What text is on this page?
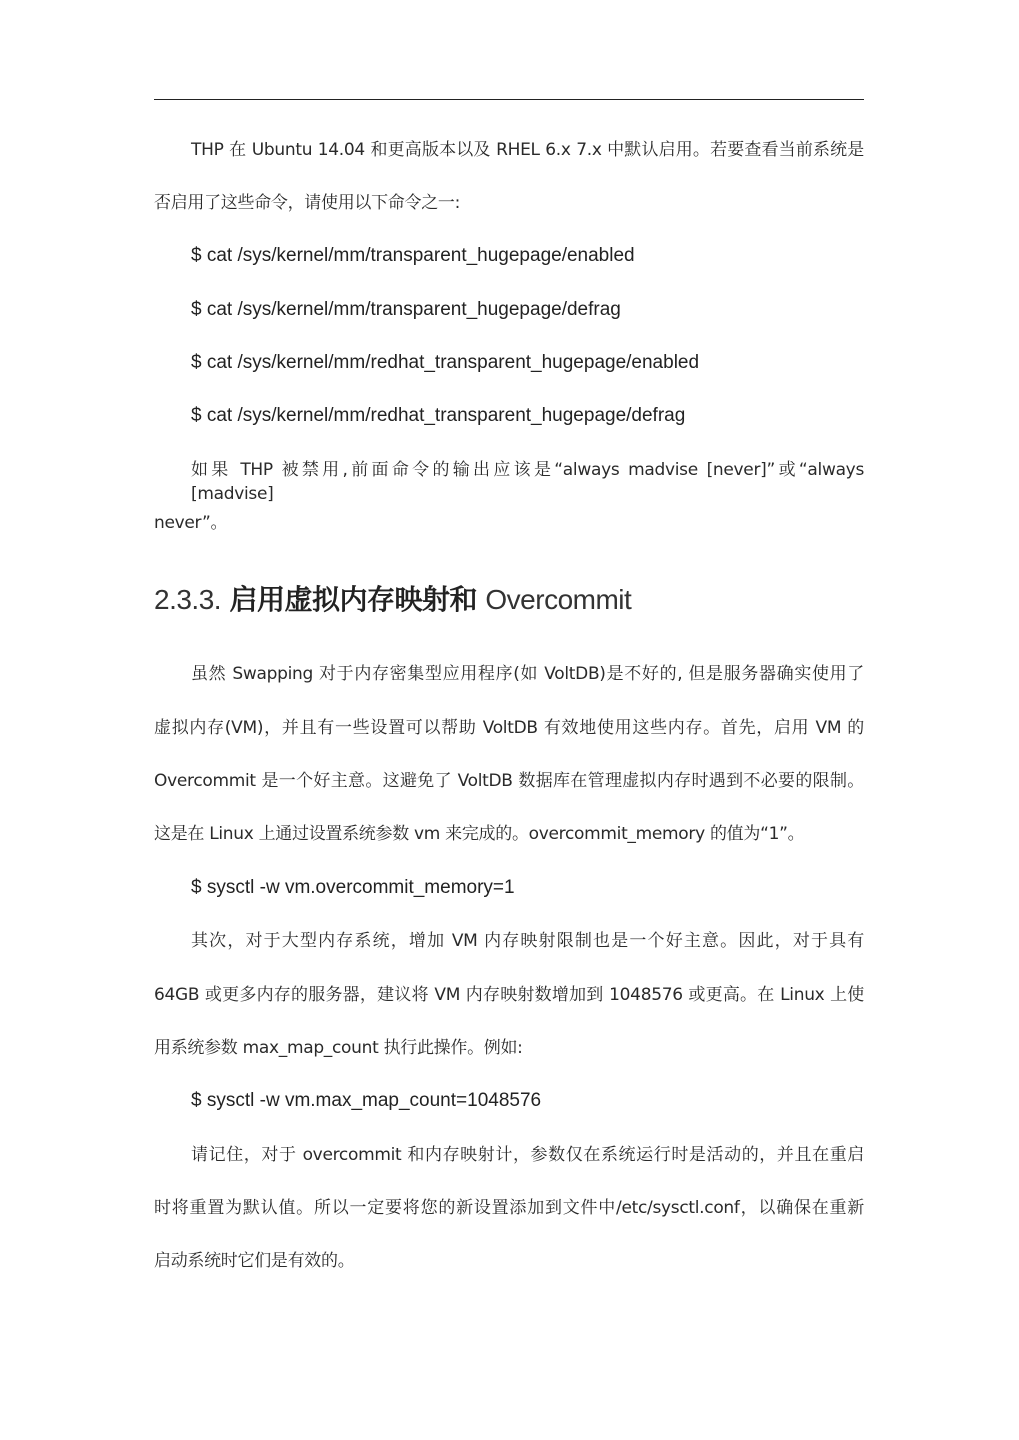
THP 在 Ubuntu 14.04 和更高版本以及 RHEL 6.x 7.x 中默认启用。若要查看当前系统是
否启用了这些命令，请使用以下命令之一:
$ cat /sys/kernel/mm/transparent_hugepage/enabled
$ cat /sys/kernel/mm/transparent_hugepage/defrag
$ cat /sys/kernel/mm/redhat_transparent_hugepage/enabled
$ cat /sys/kernel/mm/redhat_transparent_hugepage/defrag
如果 THP 被禁用,前面命令的输出应该是“always madvise [never]”或“always [madvise]
never”。
2.3.3. 启用虚拟内存映射和 Overcommit
虽然 Swapping 对于内存密集型应用程序(如 VoltDB)是不好的, 但是服务器确实使用了
虚拟内存(VM)，并且有一些设置可以帮助 VoltDB 有效地使用这些内存。首先，启用 VM 的
Overcommit 是一个好主意。这避免了 VoltDB 数据库在管理虚拟内存时遇到不必要的限制。
这是在 Linux 上通过设置系统参数 vm 来完成的。overcommit_memory 的值为“1”。
$ sysctl -w vm.overcommit_memory=1
其次，对于大型内存系统，增加 VM 内存映射限制也是一个好主意。因此，对于具有
64GB 或更多内存的服务器，建议将 VM 内存映射数增加到 1048576 或更高。在 Linux 上使
用系统参数 max_map_count 执行此操作。例如:
$ sysctl -w vm.max_map_count=1048576
请记住，对于 overcommit 和内存映射计，参数仅在系统运行时是活动的，并且在重启
时将重置为默认值。所以一定要将您的新设置添加到文件中/etc/sysctl.conf，以确保在重新
启动系统时它们是有效的。
